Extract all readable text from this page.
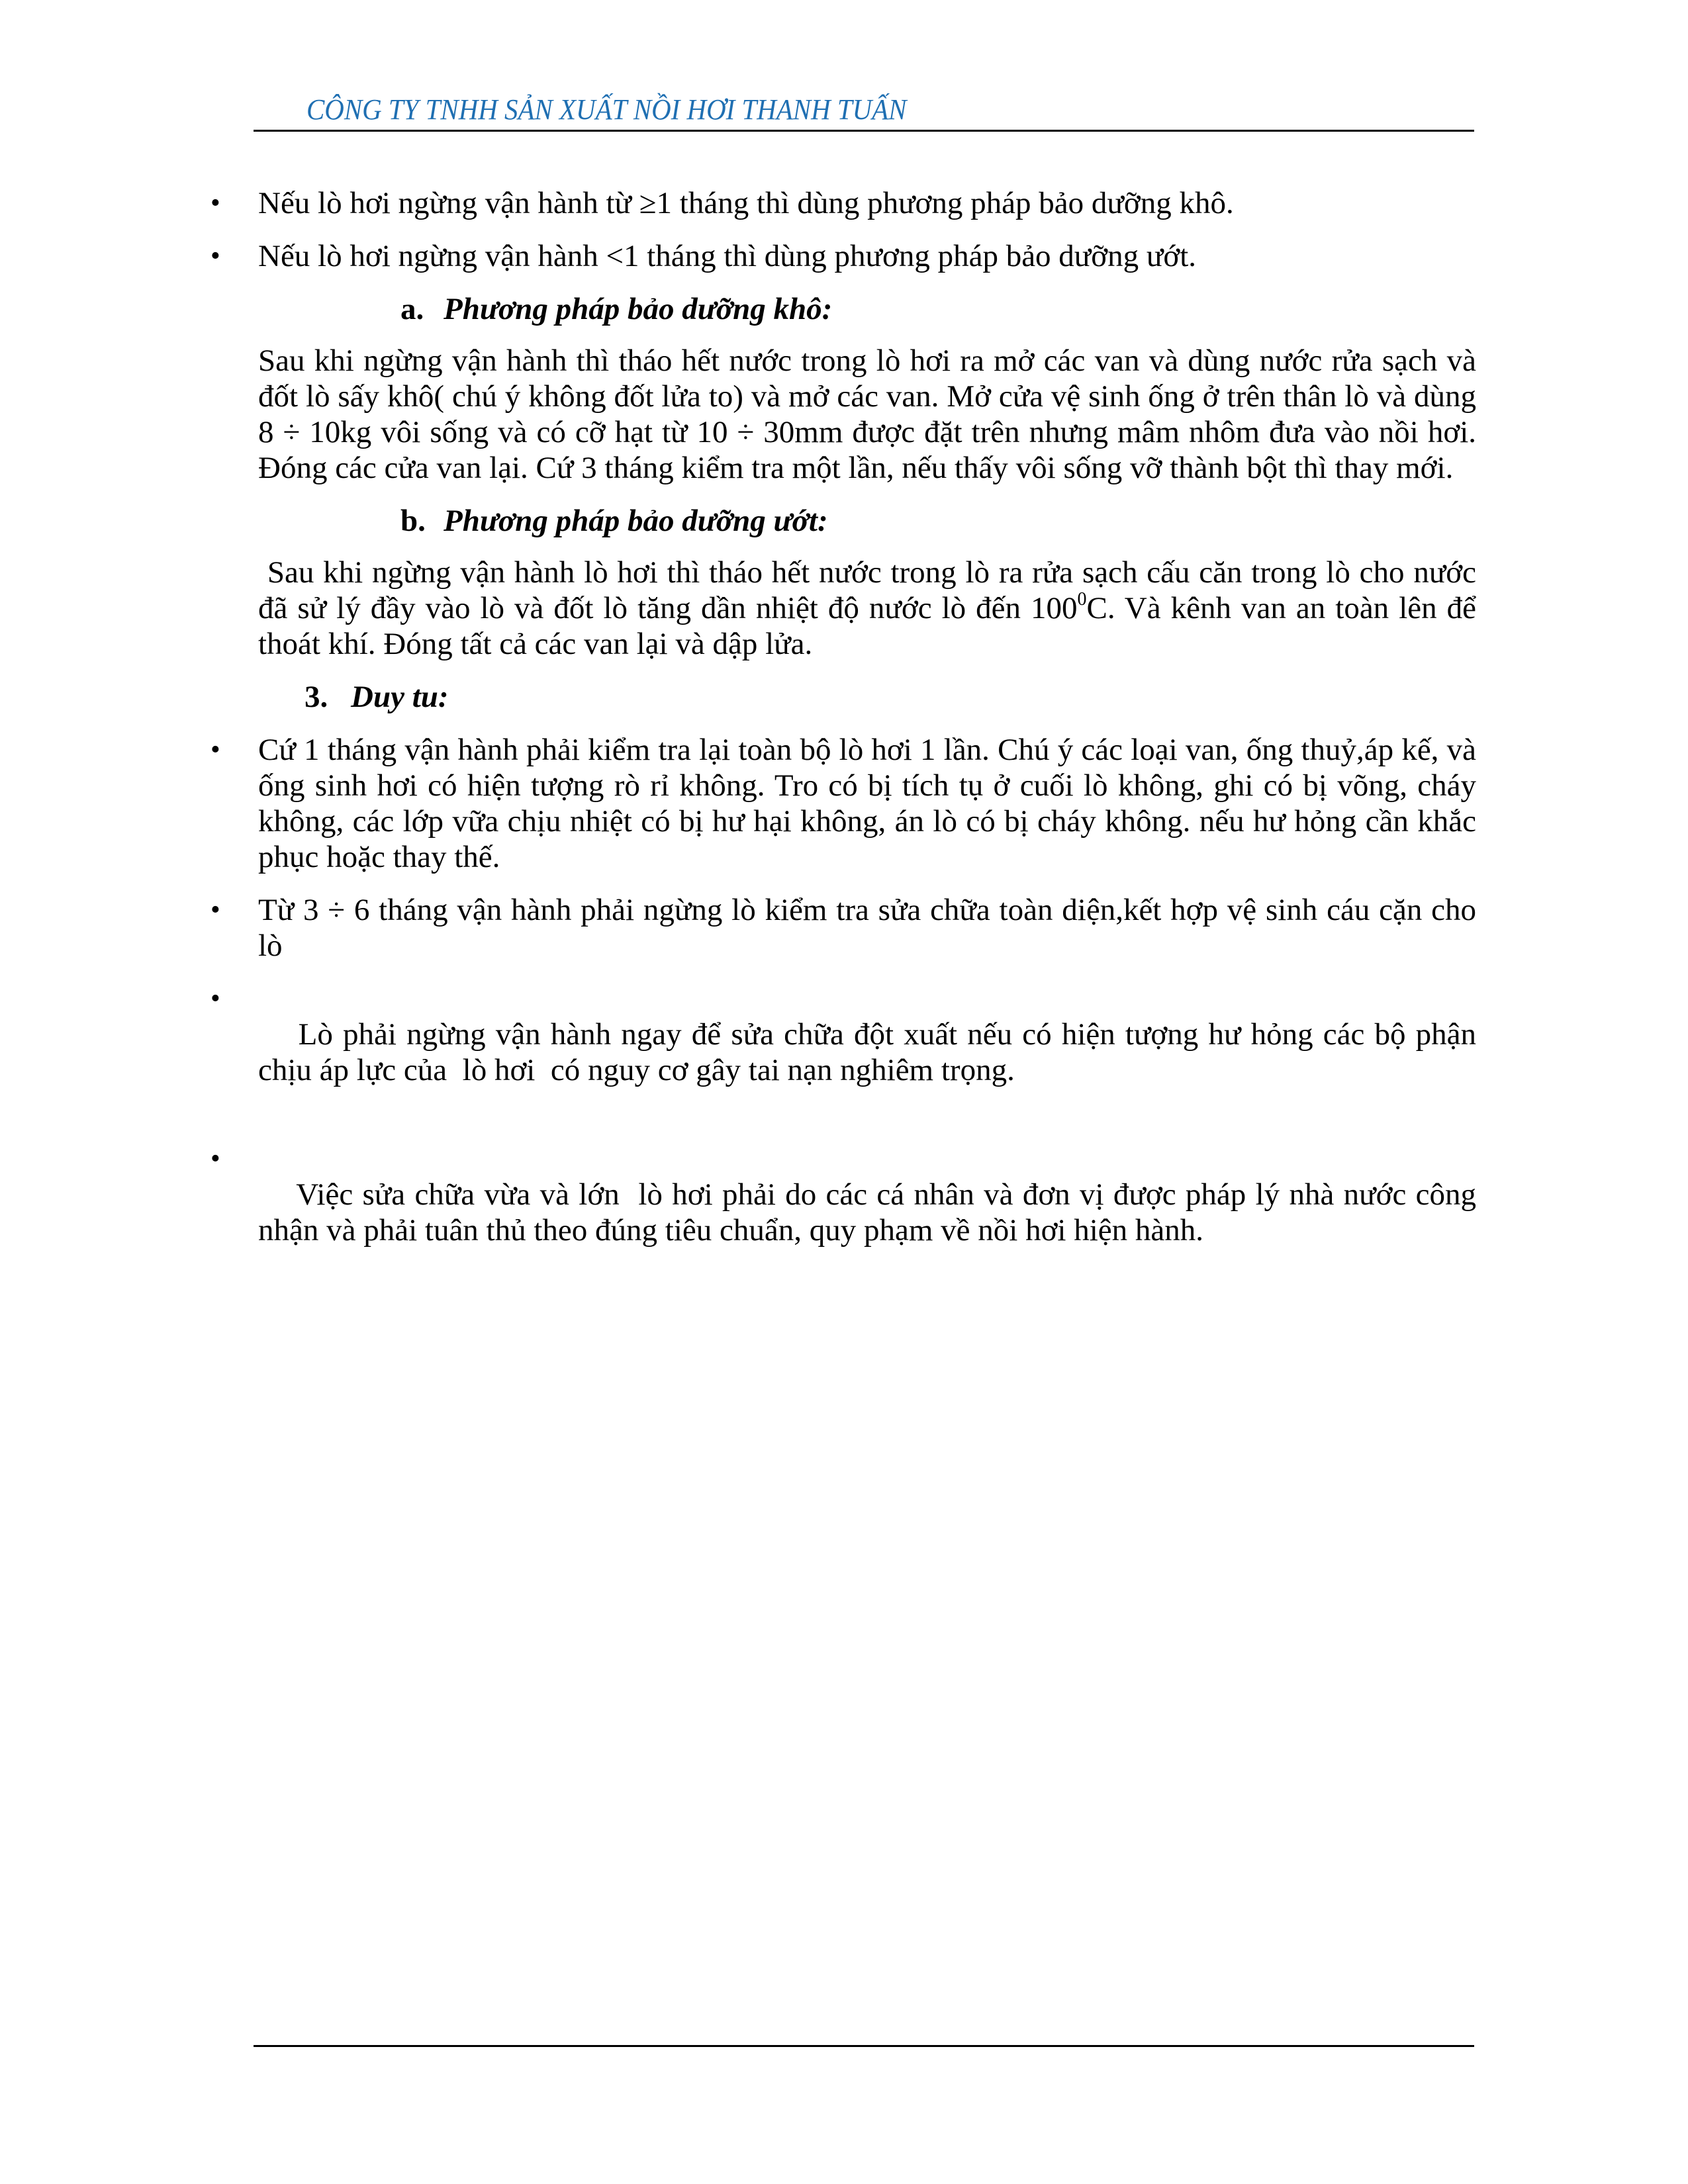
CÔNG TY TNHH SẢN XUẤT NỒI HƠI THANH TUẤN
• Nếu lò hơi ngừng vận hành từ ≥1 tháng thì dùng phương pháp bảo dưỡng khô.
• Nếu lò hơi ngừng vận hành <1 tháng thì dùng phương pháp bảo dưỡng ướt.
a. Phương pháp bảo dưỡng khô:
Sau khi ngừng vận hành thì tháo hết nước trong lò hơi ra mở các van và dùng nước rửa sạch và đốt lò sấy khô( chú ý không đốt lửa to) và mở các van. Mở cửa vệ sinh ống ở trên thân lò và dùng 8 ÷ 10kg vôi sống và có cỡ hạt từ 10 ÷ 30mm được đặt trên nhưng mâm nhôm đưa vào nồi hơi. Đóng các cửa van lại. Cứ 3 tháng kiểm tra một lần, nếu thấy vôi sống vỡ thành bột thì thay mới.
b. Phương pháp bảo dưỡng ướt:
Sau khi ngừng vận hành lò hơi thì tháo hết nước trong lò ra rửa sạch cấu căn trong lò cho nước đã sử lý đầy vào lò và đốt lò tăng dần nhiệt độ nước lò đến $100^0C$. Và kênh van an toàn lên để thoát khí. Đóng tất cả các van lại và dập lửa.
3. Duy tu:
• Cứ 1 tháng vận hành phải kiểm tra lại toàn bộ lò hơi 1 lần. Chú ý các loại van, ống thuỷ,áp kế, và ống sinh hơi có hiện tượng rò rỉ không. Tro có bị tích tụ ở cuối lò không, ghi có bị võng, cháy không, các lớp vữa chịu nhiệt có bị hư hại không, án lò có bị cháy không. nếu hư hỏng cần khắc phục hoặc thay thế.
• Từ 3 ÷ 6 tháng vận hành phải ngừng lò kiểm tra sửa chữa toàn diện,kết hợp vệ sinh cáu cặn cho lò

•
Lò phải ngừng vận hành ngay để sửa chữa đột xuất nếu có hiện tượng hư hỏng các bộ phận chịu áp lực của  lò hơi  có nguy cơ gây tai nạn nghiêm trọng.

•
Việc sửa chữa vừa và lớn  lò hơi phải do các cá nhân và đơn vị được pháp lý nhà nước công nhận và phải tuân thủ theo đúng tiêu chuẩn, quy phạm về nồi hơi hiện hành.
